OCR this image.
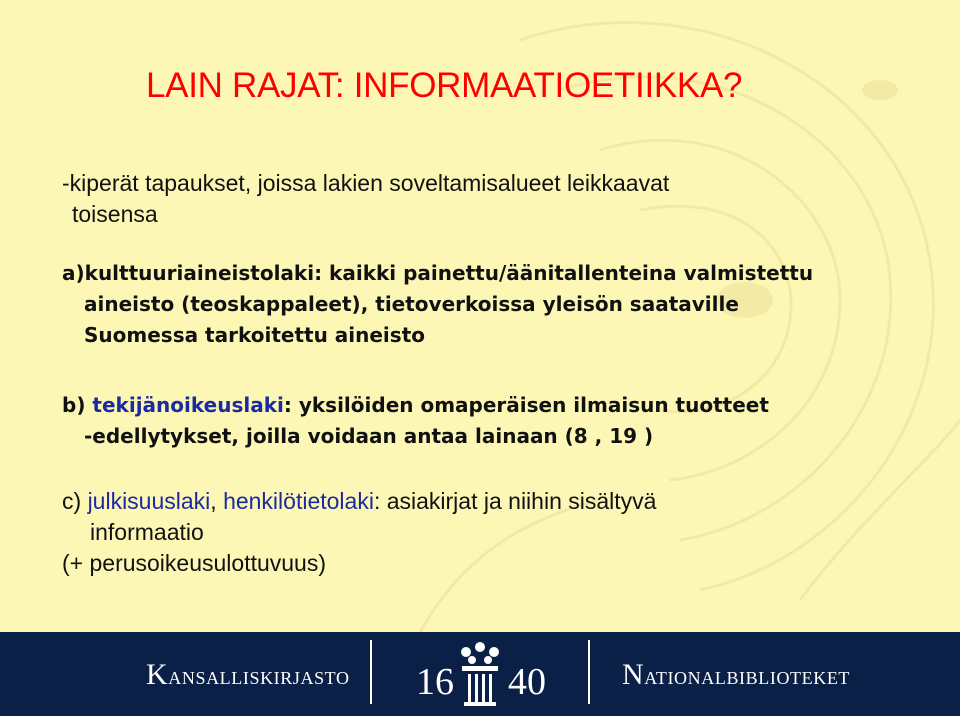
LAIN RAJAT: INFORMAATIOETIIKKA?
-kiperät tapaukset, joissa lakien soveltamisalueet leikkaavat
toisensa
a)kulttuuriaineistolaki: kaikki painettu/äänitallenteina valmistettu
aineisto (teoskappaleet), tietoverkoissa yleisön saataville
Suomessa tarkoitettu aineisto
b) tekijänoikeuslaki: yksilöiden omaperäisen ilmaisun tuotteet
-edellytykset, joilla voidaan antaa lainaan (8 , 19 )
c) julkisuuslaki, henkilötietolaki: asiakirjat ja niihin sisältyvä
informaatio
(+ perusoikeusulottuvuus)
KANSALLISKIRJASTO 16 40	NATIONALBIBLIOTEKET
